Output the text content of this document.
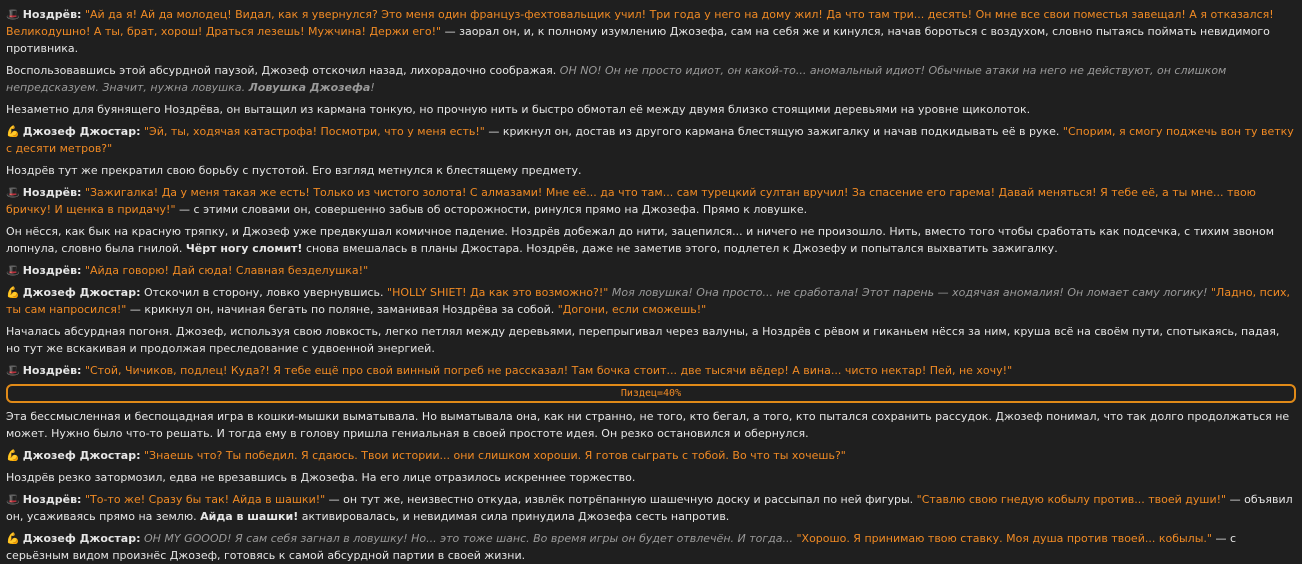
🎩 Ноздрёв: "Ай да я! Ай да молодец! Видал, как я увернулся? Это меня один француз-фехтовальщик учил! Три года у него на дому жил! Да что там три... десять! Он мне все свои поместья завещал! А я отказался! Великодушно! А ты, брат, хорош! Драться лезешь! Мужчина! Держи его!" — заорал он, и, к полному изумлению Джозефа, сам на себя же и кинулся, начав бороться с воздухом, словно пытаясь поймать невидимого противника.
Воспользовавшись этой абсурдной паузой, Джозеф отскочил назад, лихорадочно соображая. OH NO! Он не просто идиот, он какой-то... аномальный идиот! Обычные атаки на него не действуют, он слишком непредсказуем. Значит, нужна ловушка. Ловушка Джозефа!
Незаметно для буянящего Ноздрёва, он вытащил из кармана тонкую, но прочную нить и быстро обмотал её между двумя близко стоящими деревьями на уровне щиколоток.
💪 Джозеф Джостар: "Эй, ты, ходячая катастрофа! Посмотри, что у меня есть!" — крикнул он, достав из другого кармана блестящую зажигалку и начав подкидывать её в руке. "Спорим, я смогу поджечь вон ту ветку с десяти метров?"
Ноздрёв тут же прекратил свою борьбу с пустотой. Его взгляд метнулся к блестящему предмету.
🎩 Ноздрёв: "Зажигалка! Да у меня такая же есть! Только из чистого золота! С алмазами! Мне её... да что там... сам турецкий султан вручил! За спасение его гарема! Давай меняться! Я тебе её, а ты мне... твою бричку! И щенка в придачу!" — с этими словами он, совершенно забыв об осторожности, ринулся прямо на Джозефа. Прямо к ловушке.
Он нёсся, как бык на красную тряпку, и Джозеф уже предвкушал комичное падение. Ноздрёв добежал до нити, зацепился... и ничего не произошло. Нить, вместо того чтобы сработать как подсечка, с тихим звоном лопнула, словно была гнилой. Чёрт ногу сломит! снова вмешалась в планы Джостара. Ноздрёв, даже не заметив этого, подлетел к Джозефу и попытался выхватить зажигалку.
🎩 Ноздрёв: "Айда говорю! Дай сюда! Славная безделушка!"
💪 Джозеф Джостар: Отскочил в сторону, ловко увернувшись. "HOLLY SHIET! Да как это возможно?!" Моя ловушка! Она просто... не сработала! Этот парень — ходячая аномалия! Он ломает саму логику! "Ладно, псих, ты сам напросился!" — крикнул он, начиная бегать по поляне, заманивая Ноздрёва за собой. "Догони, если сможешь!"
Началась абсурдная погоня. Джозеф, используя свою ловкость, легко петлял между деревьями, перепрыгивал через валуны, а Ноздрёв с рёвом и гиканьем нёсся за ним, круша всё на своём пути, спотыкаясь, падая, но тут же вскакивая и продолжая преследование с удвоенной энергией.
🎩 Ноздрёв: "Стой, Чичиков, подлец! Куда?! Я тебе ещё про свой винный погреб не рассказал! Там бочка стоит... две тысячи вёдер! А вина... чисто нектар! Пей, не хочу!"
Пиздец=40%
Эта бессмысленная и беспощадная игра в кошки-мышки выматывала. Но выматывала она, как ни странно, не того, кто бегал, а того, кто пытался сохранить рассудок. Джозеф понимал, что так долго продолжаться не может. Нужно было что-то решать. И тогда ему в голову пришла гениальная в своей простоте идея. Он резко остановился и обернулся.
💪 Джозеф Джостар: "Знаешь что? Ты победил. Я сдаюсь. Твои истории... они слишком хороши. Я готов сыграть с тобой. Во что ты хочешь?"
Ноздрёв резко затормозил, едва не врезавшись в Джозефа. На его лице отразилось искреннее торжество.
🎩 Ноздрёв: "То-то же! Сразу бы так! Айда в шашки!" — он тут же, неизвестно откуда, извлёк потрёпанную шашечную доску и рассыпал по ней фигуры. "Ставлю свою гнедую кобылу против... твоей души!" — объявил он, усаживаясь прямо на землю. Айда в шашки! активировалась, и невидимая сила принудила Джозефа сесть напротив.
💪 Джозеф Джостар: OH MY GOOOD! Я сам себя загнал в ловушку! Но... это тоже шанс. Во время игры он будет отвлечён. И тогда... "Хорошо. Я принимаю твою ставку. Моя душа против твоей... кобылы." — с серьёзным видом произнёс Джозеф, готовясь к самой абсурдной партии в своей жизни.
